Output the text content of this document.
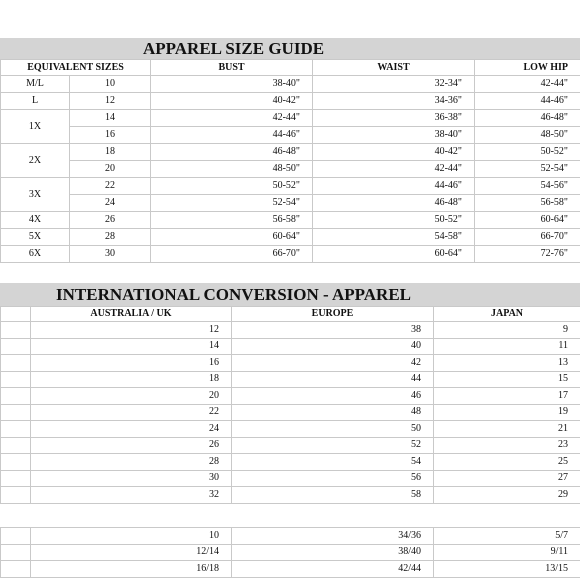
APPAREL SIZE GUIDE
EQUIVALENT SIZES		BUST	WAIST	LOW HIP
M/L	10	38-40"	32-34"	42-44"
L	12	40-42"	34-36"	44-46"
1X	14	42-44"	36-38"	46-48"
	16	44-46"	38-40"	48-50"
2X	18	46-48"	40-42"	50-52"
	20	48-50"	42-44"	52-54"
3X	22	50-52"	44-46"	54-56"
	24	52-54"	46-48"	56-58"
4X	26	56-58"	50-52"	60-64"
5X	28	60-64"	54-58"	66-70"
6X	30	66-70"	60-64"	72-76"
INTERNATIONAL CONVERSION - APPAREL
	AUSTRALIA / UK	EUROPE	JAPAN
	12	38	9
	14	40	11
	16	42	13
	18	44	15
	20	46	17
	22	48	19
	24	50	21
	26	52	23
	28	54	25
	30	56	27
	32	58	29
	10	34/36	5/7
	12/14	38/40	9/11
	16/18	42/44	13/15
